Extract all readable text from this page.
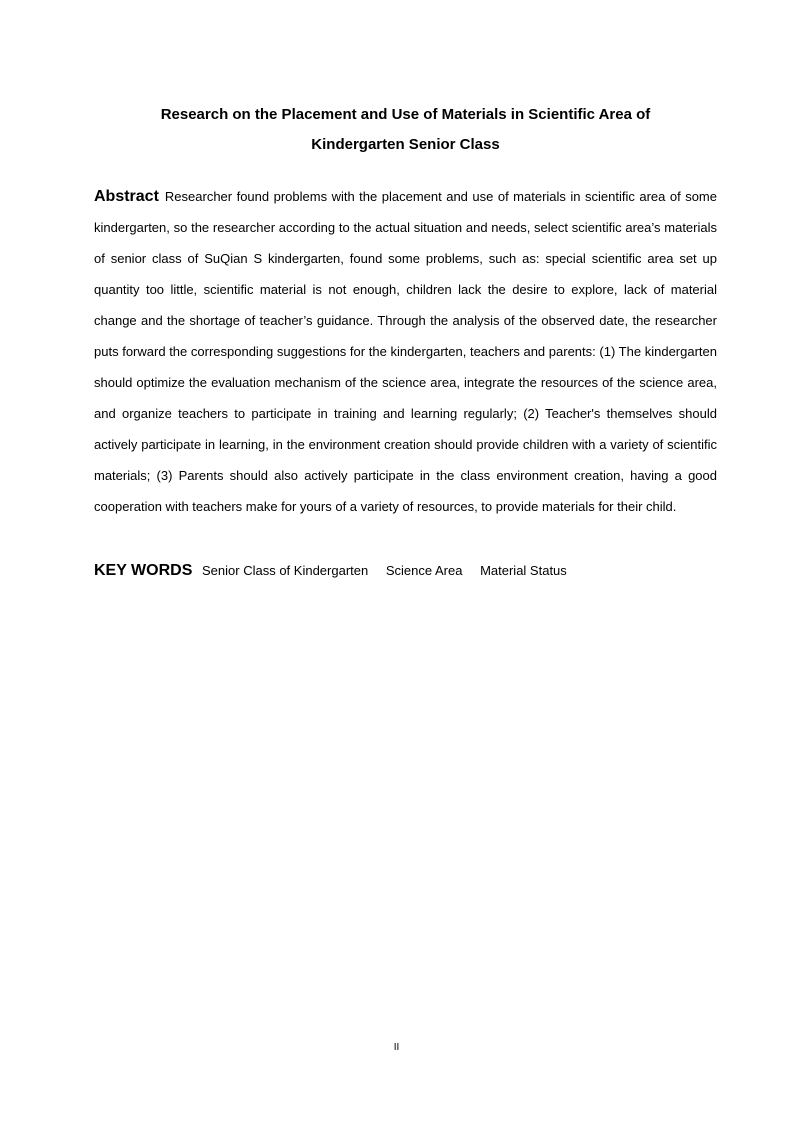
Research on the Placement and Use of Materials in Scientific Area of
Kindergarten Senior Class
Abstract Researcher found problems with the placement and use of materials in scientific area of some kindergarten, so the researcher according to the actual situation and needs, select scientific area’s materials of senior class of SuQian S kindergarten, found some problems, such as: special scientific area set up quantity too little, scientific material is not enough, children lack the desire to explore, lack of material change and the shortage of teacher’s guidance. Through the analysis of the observed date, the researcher puts forward the corresponding suggestions for the kindergarten, teachers and parents: (1) The kindergarten should optimize the evaluation mechanism of the science area, integrate the resources of the science area, and organize teachers to participate in training and learning regularly; (2) Teacher's themselves should actively participate in learning, in the environment creation should provide children with a variety of scientific materials; (3) Parents should also actively participate in the class environment creation, having a good cooperation with teachers make for yours of a variety of resources, to provide materials for their child.
KEY WORDS Senior Class of Kindergarten Science Area Material Status
II
